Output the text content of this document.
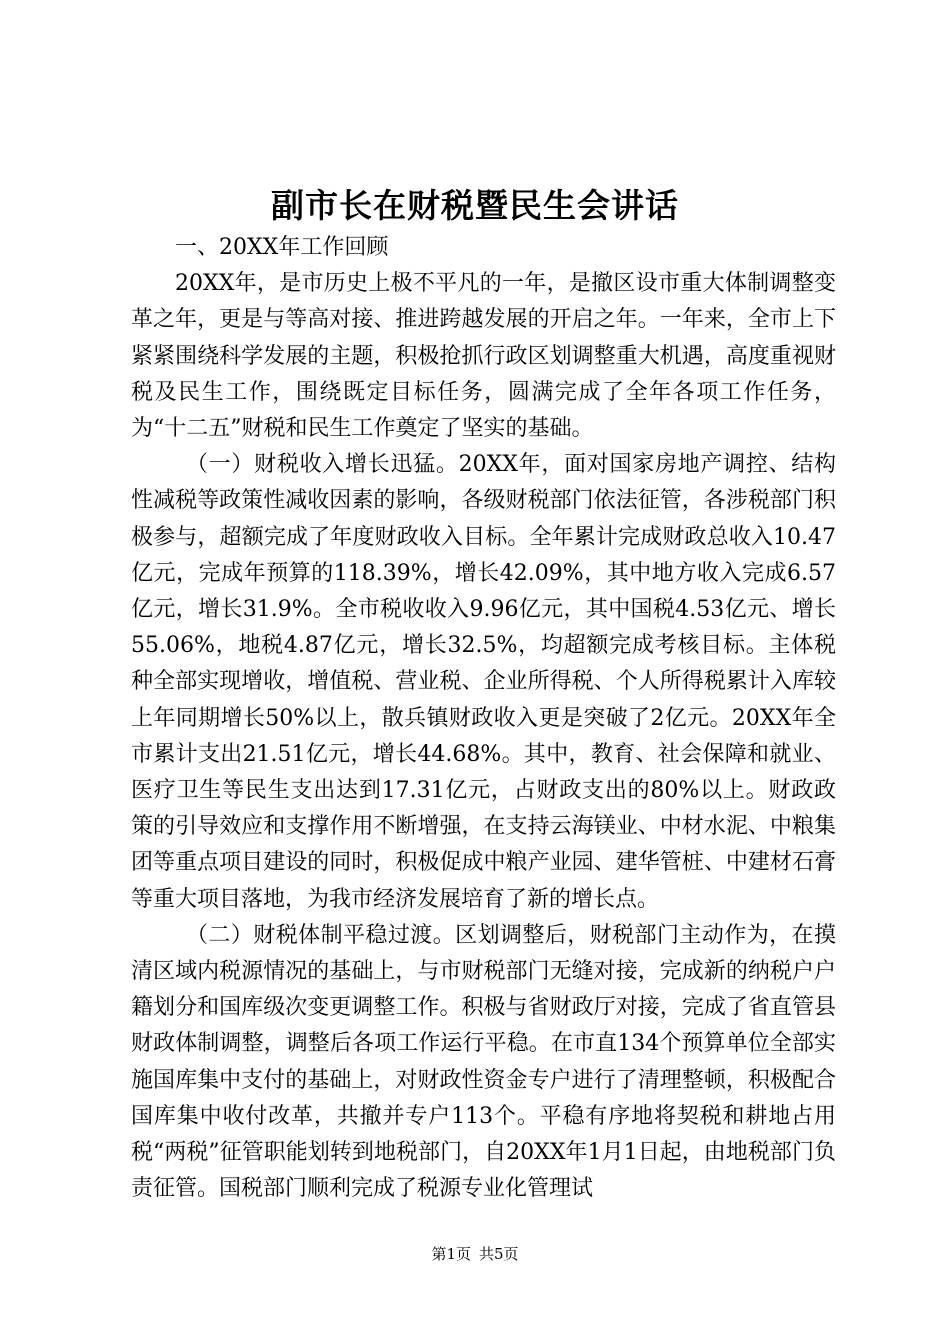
副市长在财税暨民生会讲话

一、20XX年工作回顾

20XX年，是市历史上极不平凡的一年，是撤区设市重大体制调整变革之年，更是与等高对接、推进跨越发展的开启之年。一年来，全市上下紧紧围绕科学发展的主题，积极抢抓行政区划调整重大机遇，高度重视财税及民生工作，围绕既定目标任务，圆满完成了全年各项工作任务，为“十二五”财税和民生工作奠定了坚实的基础。

（一）财税收入增长迅猛。20XX年，面对国家房地产调控、结构性减税等政策性减收因素的影响，各级财税部门依法征管，各涉税部门积极参与，超额完成了年度财政收入目标。全年累计完成财政总收入10.47亿元，完成年预算的118.39%，增长42.09%，其中地方收入完成6.57亿元，增长31.9%。全市税收收入9.96亿元，其中国税4.53亿元、增长55.06%，地税4.87亿元，增长32.5%，均超额完成考核目标。主体税种全部实现增收，增值税、营业税、企业所得税、个人所得税累计入库较上年同期增长50%以上，散兵镇财政收入更是突破了2亿元。20XX年全市累计支出21.51亿元，增长44.68%。其中，教育、社会保障和就业、医疗卫生等民生支出达到17.31亿元，占财政支出的80%以上。财政政策的引导效应和支撑作用不断增强，在支持云海镁业、中材水泥、中粮集团等重点项目建设的同时，积极促成中粮产业园、建华管桩、中建材石膏等重大项目落地，为我市经济发展培育了新的增长点。

（二）财税体制平稳过渡。区划调整后，财税部门主动作为，在摸清区域内税源情况的基础上，与市财税部门无缝对接，完成新的纳税户户籍划分和国库级次变更调整工作。积极与省财政厅对接，完成了省直管县财政体制调整，调整后各项工作运行平稳。在市直134个预算单位全部实施国库集中支付的基础上，对财政性资金专户进行了清理整顿，积极配合国库集中收付改革，共撤并专户113个。平稳有序地将契税和耕地占用税“两税”征管职能划转到地税部门，自20XX年1月1日起，由地税部门负责征管。国税部门顺利完成了税源专业化管理试

第1页 共5页
